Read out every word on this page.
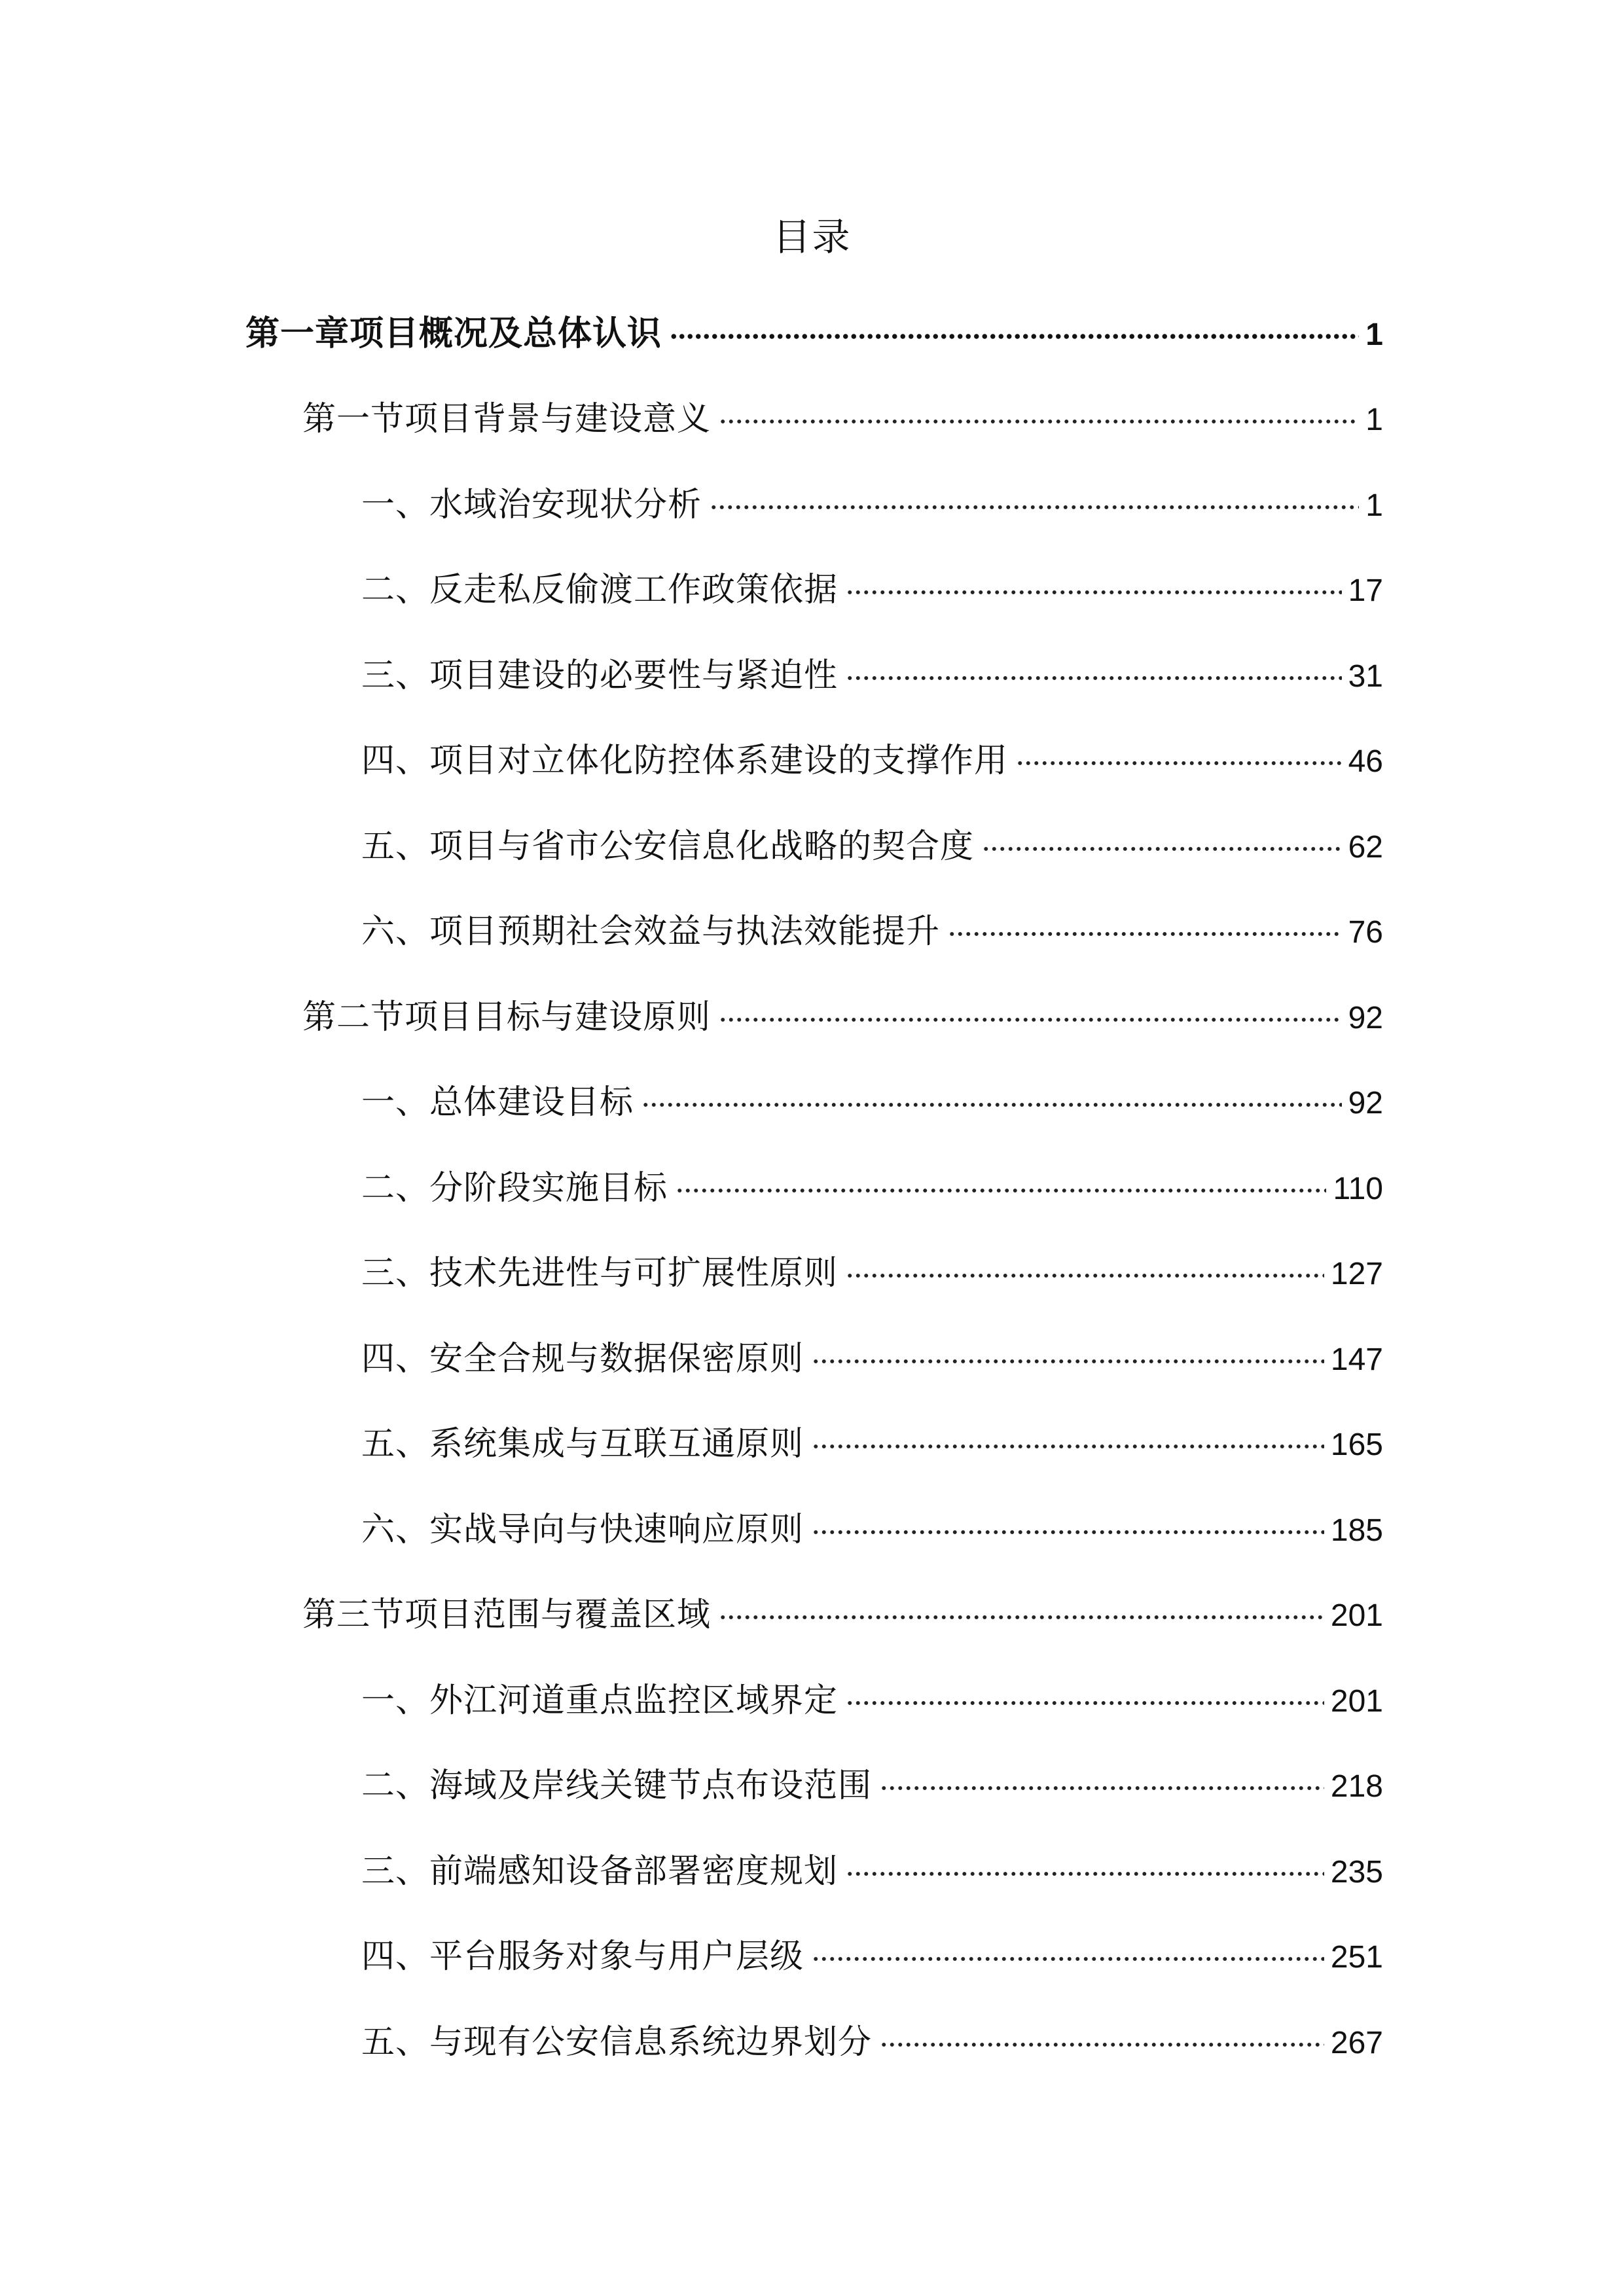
目录
第一章项目概况及总体认识	1
第一节项目背景与建设意义	1
一、水域治安现状分析	1
二、反走私反偷渡工作政策依据	17
三、项目建设的必要性与紧迫性	31
四、项目对立体化防控体系建设的支撑作用	46
五、项目与省市公安信息化战略的契合度	62
六、项目预期社会效益与执法效能提升	76
第二节项目目标与建设原则	92
一、总体建设目标	92
二、分阶段实施目标	110
三、技术先进性与可扩展性原则	127
四、安全合规与数据保密原则	147
五、系统集成与互联互通原则	165
六、实战导向与快速响应原则	185
第三节项目范围与覆盖区域	201
一、外江河道重点监控区域界定	201
二、海域及岸线关键节点布设范围	218
三、前端感知设备部署密度规划	235
四、平台服务对象与用户层级	251
五、与现有公安信息系统边界划分	267
